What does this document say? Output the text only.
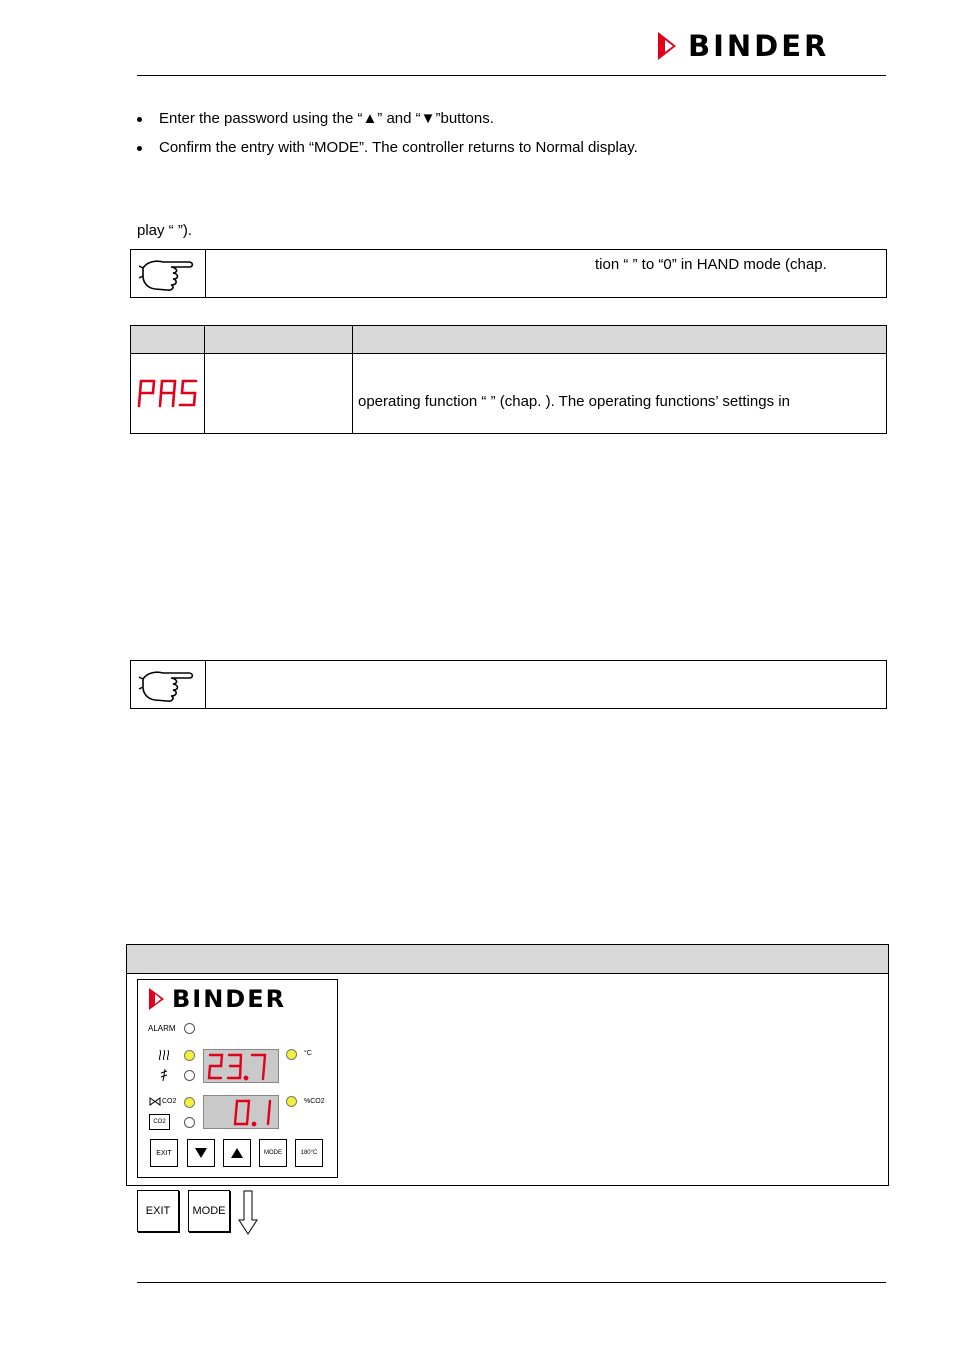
BINDER
Enter the password using the “▲” and “▼”buttons.
Confirm the entry with “MODE”. The controller returns to Normal display.
play “ ”).
tion “ ” to “0” in HAND mode (chap.
operating function “ ” (chap. ). The operating functions’ settings in
BINDER
ALARM
°C
CO2
CO2
%CO2
EXIT	MODE	180°C
EXIT	MODE
